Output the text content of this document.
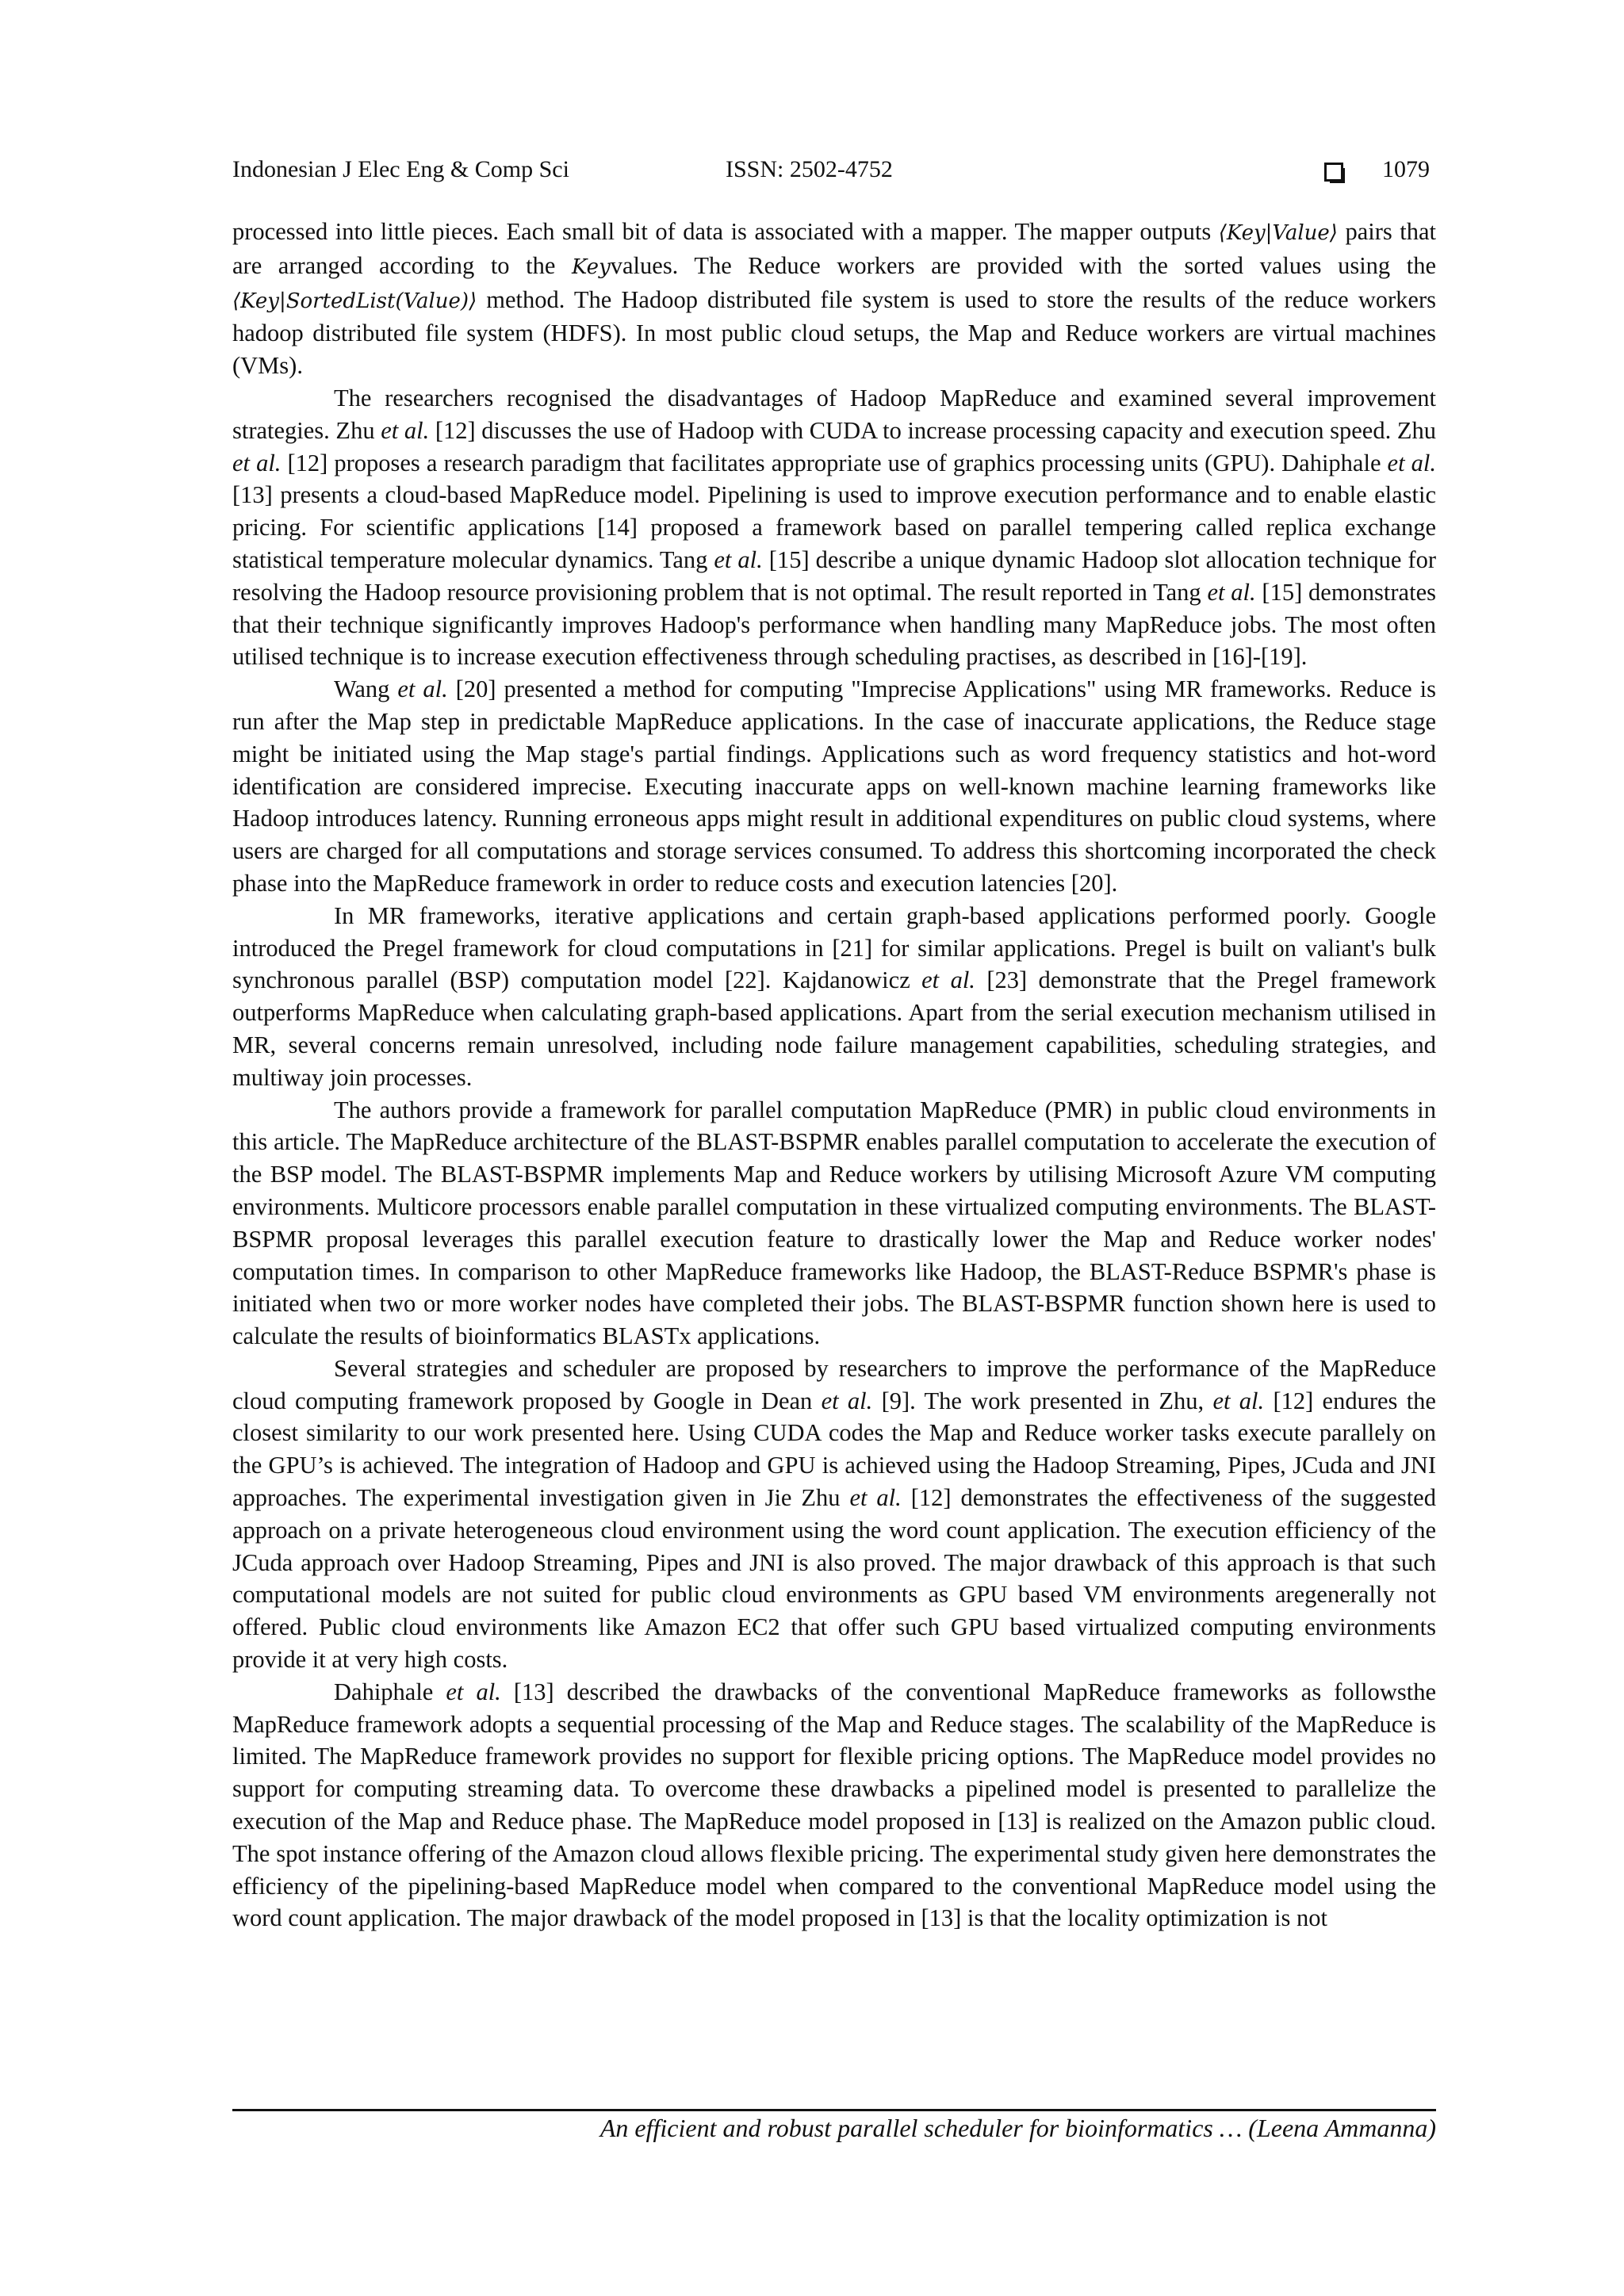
Indonesian J Elec Eng & Comp Sci	ISSN: 2502-4752	1079

processed into little pieces. Each small bit of data is associated with a mapper. The mapper outputs ⟨Key|Value⟩ pairs that are arranged according to the Keyvalues. The Reduce workers are provided with the sorted values using the ⟨Key|SortedList(Value)⟩ method. The Hadoop distributed file system is used to store the results of the reduce workers hadoop distributed file system (HDFS). In most public cloud setups, the Map and Reduce workers are virtual machines (VMs).

The researchers recognised the disadvantages of Hadoop MapReduce and examined several improvement strategies. Zhu et al. [12] discusses the use of Hadoop with CUDA to increase processing capacity and execution speed. Zhu et al. [12] proposes a research paradigm that facilitates appropriate use of graphics processing units (GPU). Dahiphale et al. [13] presents a cloud-based MapReduce model. Pipelining is used to improve execution performance and to enable elastic pricing. For scientific applications [14] proposed a framework based on parallel tempering called replica exchange statistical temperature molecular dynamics. Tang et al. [15] describe a unique dynamic Hadoop slot allocation technique for resolving the Hadoop resource provisioning problem that is not optimal. The result reported in Tang et al. [15] demonstrates that their technique significantly improves Hadoop's performance when handling many MapReduce jobs. The most often utilised technique is to increase execution effectiveness through scheduling practises, as described in [16]-[19].

Wang et al. [20] presented a method for computing "Imprecise Applications" using MR frameworks. Reduce is run after the Map step in predictable MapReduce applications. In the case of inaccurate applications, the Reduce stage might be initiated using the Map stage's partial findings. Applications such as word frequency statistics and hot-word identification are considered imprecise. Executing inaccurate apps on well-known machine learning frameworks like Hadoop introduces latency. Running erroneous apps might result in additional expenditures on public cloud systems, where users are charged for all computations and storage services consumed. To address this shortcoming incorporated the check phase into the MapReduce framework in order to reduce costs and execution latencies [20].

In MR frameworks, iterative applications and certain graph-based applications performed poorly. Google introduced the Pregel framework for cloud computations in [21] for similar applications. Pregel is built on valiant's bulk synchronous parallel (BSP) computation model [22]. Kajdanowicz et al. [23] demonstrate that the Pregel framework outperforms MapReduce when calculating graph-based applications. Apart from the serial execution mechanism utilised in MR, several concerns remain unresolved, including node failure management capabilities, scheduling strategies, and multiway join processes.

The authors provide a framework for parallel computation MapReduce (PMR) in public cloud environments in this article. The MapReduce architecture of the BLAST-BSPMR enables parallel computation to accelerate the execution of the BSP model. The BLAST-BSPMR implements Map and Reduce workers by utilising Microsoft Azure VM computing environments. Multicore processors enable parallel computation in these virtualized computing environments. The BLAST-BSPMR proposal leverages this parallel execution feature to drastically lower the Map and Reduce worker nodes' computation times. In comparison to other MapReduce frameworks like Hadoop, the BLAST-Reduce BSPMR's phase is initiated when two or more worker nodes have completed their jobs. The BLAST-BSPMR function shown here is used to calculate the results of bioinformatics BLASTx applications.

Several strategies and scheduler are proposed by researchers to improve the performance of the MapReduce cloud computing framework proposed by Google in Dean et al. [9]. The work presented in Zhu, et al. [12] endures the closest similarity to our work presented here. Using CUDA codes the Map and Reduce worker tasks execute parallely on the GPU’s is achieved. The integration of Hadoop and GPU is achieved using the Hadoop Streaming, Pipes, JCuda and JNI approaches. The experimental investigation given in Jie Zhu et al. [12] demonstrates the effectiveness of the suggested approach on a private heterogeneous cloud environment using the word count application. The execution efficiency of the JCuda approach over Hadoop Streaming, Pipes and JNI is also proved. The major drawback of this approach is that such computational models are not suited for public cloud environments as GPU based VM environments aregenerally not offered. Public cloud environments like Amazon EC2 that offer such GPU based virtualized computing environments provide it at very high costs.

Dahiphale et al. [13] described the drawbacks of the conventional MapReduce frameworks as followsthe MapReduce framework adopts a sequential processing of the Map and Reduce stages. The scalability of the MapReduce is limited. The MapReduce framework provides no support for flexible pricing options. The MapReduce model provides no support for computing streaming data. To overcome these drawbacks a pipelined model is presented to parallelize the execution of the Map and Reduce phase. The MapReduce model proposed in [13] is realized on the Amazon public cloud. The spot instance offering of the Amazon cloud allows flexible pricing. The experimental study given here demonstrates the efficiency of the pipelining-based MapReduce model when compared to the conventional MapReduce model using the word count application. The major drawback of the model proposed in [13] is that the locality optimization is not

An efficient and robust parallel scheduler for bioinformatics … (Leena Ammanna)
